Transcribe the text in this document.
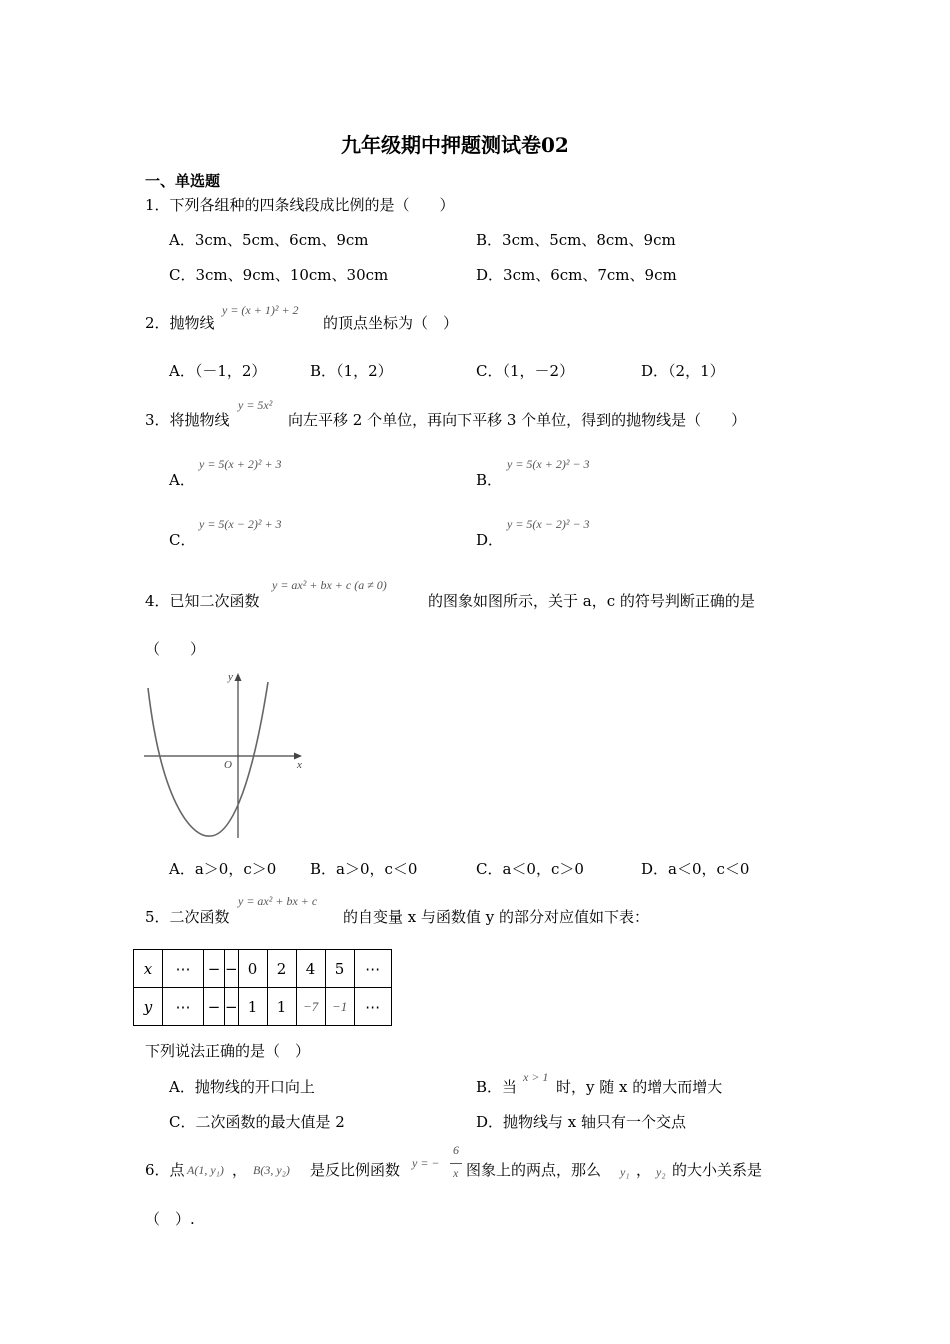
九年级期中押题测试卷02
一、单选题
1．下列各组种的四条线段成比例的是（　　）
A．3cm、5cm、6cm、9cm	B．3cm、5cm、8cm、9cm
C．3cm、9cm、10cm、30cm	D．3cm、6cm、7cm、9cm
2．抛物线
y = (x + 1)² + 2
的顶点坐标为（　）
A．（－1，2）	B．（1，2）	C．（1，－2）	D．（2，1）
3．将抛物线
y = 5x²
向左平移 2 个单位，再向下平移 3 个单位，得到的抛物线是（　　）
A．
y = 5(x + 2)² + 3
B．
y = 5(x + 2)² − 3
C．
y = 5(x − 2)² + 3
D．
y = 5(x − 2)² − 3
4．已知二次函数
y = ax² + bx + c (a ≠ 0)
的图象如图所示，关于 a，c 的符号判断正确的是
（　　）
y
x
O
A．a＞0，c＞0 B．a＞0，c＜0	C．a＜0，c＞0	D．a＜0，c＜0
5．二次函数
y = ax² + bx + c
的自变量 x 与函数值 y 的部分对应值如下表：
x	⋯	−	−	0	2	4	5	⋯
y	⋯	−	−	1	1	−7	−1	⋯
下列说法正确的是（　）
A．抛物线的开口向上	B．当
x > 1
时，y 随 x 的增大而增大
C．二次函数的最大值是 2	D．抛物线与 x 轴只有一个交点
6．点 A(1, y₁) ， B(3, y₂) 是反比例函数 y = −
6
x 图象上的两点，那么 y₁ ， y₂ 的大小关系是
（　）.
